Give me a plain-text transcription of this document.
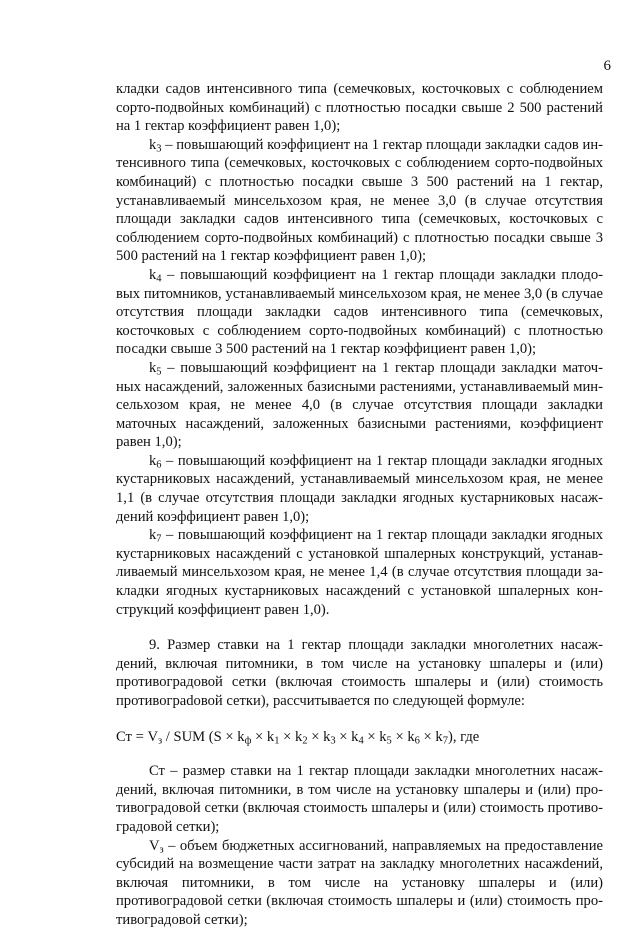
6

кладки садов интенсивного типа (семечковых, косточковых с соблюдением сорто-подвойных комбинаций) с плотностью посадки свыше 2 500 растений на 1 гектар коэффициент равен 1,0);

$k_3$ – повышающий коэффициент на 1 гектар площади закладки садов интенсивного типа (семечковых, косточковых с соблюдением сорто-подвойных комбинаций) с плотностью посадки свыше 3 500 растений на 1 гектар, устанавливаемый минсельхозом края, не менее 3,0 (в случае отсутствия площади закладки садов интенсивного типа (семечковых, косточковых с соблюдением сорто-подвойных комбинаций) с плотностью посадки свыше 3 500 растений на 1 гектар коэффициент равен 1,0);

$k_4$ – повышающий коэффициент на 1 гектар площади закладки плодовых питомников, устанавливаемый минсельхозом края, не менее 3,0 (в случае отсутствия площади закладки садов интенсивного типа (семечковых, косточковых с соблюдением сорто-подвойных комбинаций) с плотностью посадки свыше 3 500 растений на 1 гектар коэффициент равен 1,0);

$k_5$ – повышающий коэффициент на 1 гектар площади закладки маточных насаждений, заложенных базисными растениями, устанавливаемый минсельхозом края, не менее 4,0 (в случае отсутствия площади закладки маточных насаждений, заложенных базисными растениями, коэффициент равен 1,0);

$k_6$ – повышающий коэффициент на 1 гектар площади закладки ягодных кустарниковых насаждений, устанавливаемый минсельхозом края, не менее 1,1 (в случае отсутствия площади закладки ягодных кустарниковых насаждений коэффициент равен 1,0);

$k_7$ – повышающий коэффициент на 1 гектар площади закладки ягодных кустарниковых насаждений с установкой шпалерных конструкций, устанавливаемый минсельхозом края, не менее 1,4 (в случае отсутствия площади закладки ягодных кустарниковых насаждений с установкой шпалерных конструкций коэффициент равен 1,0).

9. Размер ставки на 1 гектар площади закладки многолетних насаждений, включая питомники, в том числе на установку шпалеры и (или) противоградовой сетки (включая стоимость шпалеры и (или) стоимость противограdовой сетки), рассчитывается по следующей формуле:

Ст = $V_з$ / SUM $(S \times k_ф \times k_1 \times k_2 \times k_3 \times k_4 \times k_5 \times k_6 \times k_7)$, где

Ст – размер ставки на 1 гектар площади закладки многолетних насаждений, включая питомники, в том числе на установку шпалеры и (или) противоградовой сетки (включая стоимость шпалеры и (или) стоимость противоградовой сетки);

$V_з$ – объем бюджетных ассигнований, направляемых на предоставление субсидий на возмещение части затрат на закладку многолетних насажdений, включая питомники, в том числе на установку шпалеры и (или) противоградовой сетки (включая стоимость шпалеры и (или) стоимость противоградовой сетки);
